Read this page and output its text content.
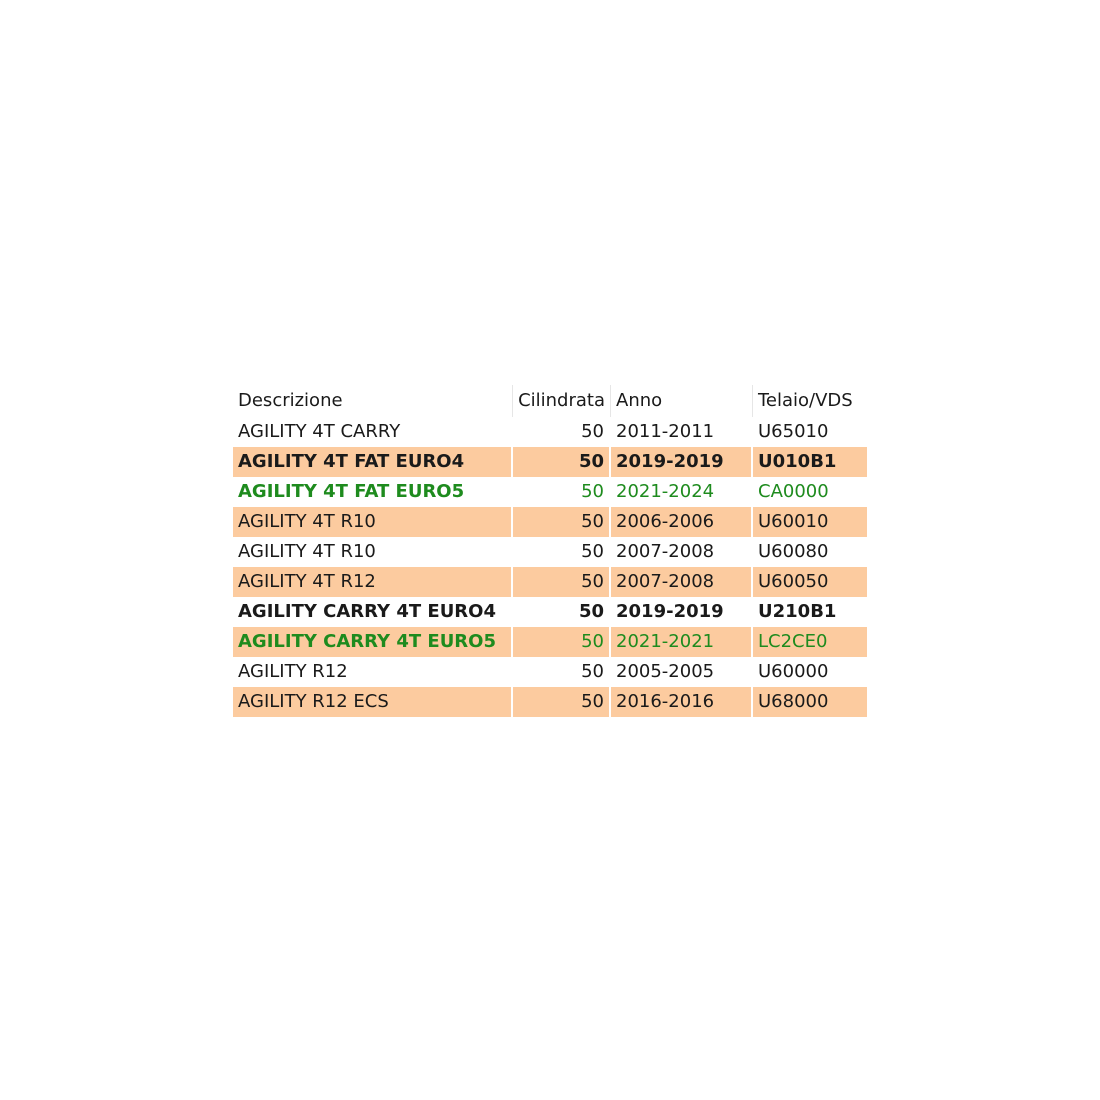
Descrizione	Cilindrata	Anno	Telaio/VDS
AGILITY 4T CARRY	50	2011-2011	U65010
AGILITY 4T FAT EURO4	50	2019-2019	U010B1
AGILITY 4T FAT EURO5	50	2021-2024	CA0000
AGILITY 4T R10	50	2006-2006	U60010
AGILITY 4T R10	50	2007-2008	U60080
AGILITY 4T R12	50	2007-2008	U60050
AGILITY CARRY 4T EURO4	50	2019-2019	U210B1
AGILITY CARRY 4T EURO5	50	2021-2021	LC2CE0
AGILITY R12	50	2005-2005	U60000
AGILITY R12 ECS	50	2016-2016	U68000
